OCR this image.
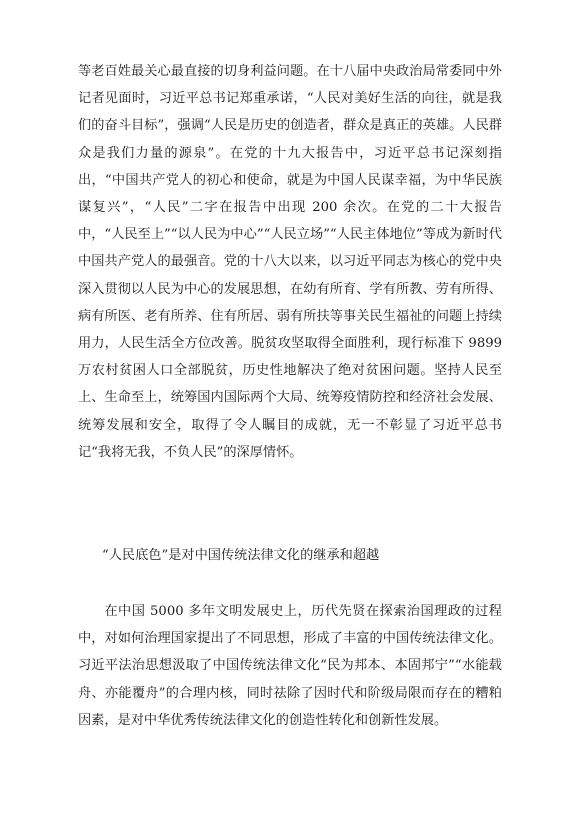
等老百姓最关心最直接的切身利益问题。在十八届中央政治局常委同中外记者见面时，习近平总书记郑重承诺，“人民对美好生活的向往，就是我们的奋斗目标”，强调“人民是历史的创造者，群众是真正的英雄。人民群众是我们力量的源泉”。在党的十九大报告中，习近平总书记深刻指出，“中国共产党人的初心和使命，就是为中国人民谋幸福，为中华民族谋复兴”，“人民”二字在报告中出现 200 余次。在党的二十大报告中，“人民至上”“以人民为中心”“人民立场”“人民主体地位”等成为新时代中国共产党人的最强音。党的十八大以来，以习近平同志为核心的党中央深入贯彻以人民为中心的发展思想，在幼有所育、学有所教、劳有所得、病有所医、老有所养、住有所居、弱有所扶等事关民生福祉的问题上持续用力，人民生活全方位改善。脱贫攻坚取得全面胜利，现行标准下 9899 万农村贫困人口全部脱贫，历史性地解决了绝对贫困问题。坚持人民至上、生命至上，统筹国内国际两个大局、统筹疫情防控和经济社会发展、统筹发展和安全，取得了令人瞩目的成就，无一不彰显了习近平总书记“我将无我，不负人民”的深厚情怀。

“人民底色”是对中国传统法律文化的继承和超越

在中国 5000 多年文明发展史上，历代先贤在探索治国理政的过程中，对如何治理国家提出了不同思想，形成了丰富的中国传统法律文化。习近平法治思想汲取了中国传统法律文化“民为邦本、本固邦宁”“水能载舟、亦能覆舟”的合理内核，同时祛除了因时代和阶级局限而存在的糟粕因素，是对中华优秀传统法律文化的创造性转化和创新性发展。
